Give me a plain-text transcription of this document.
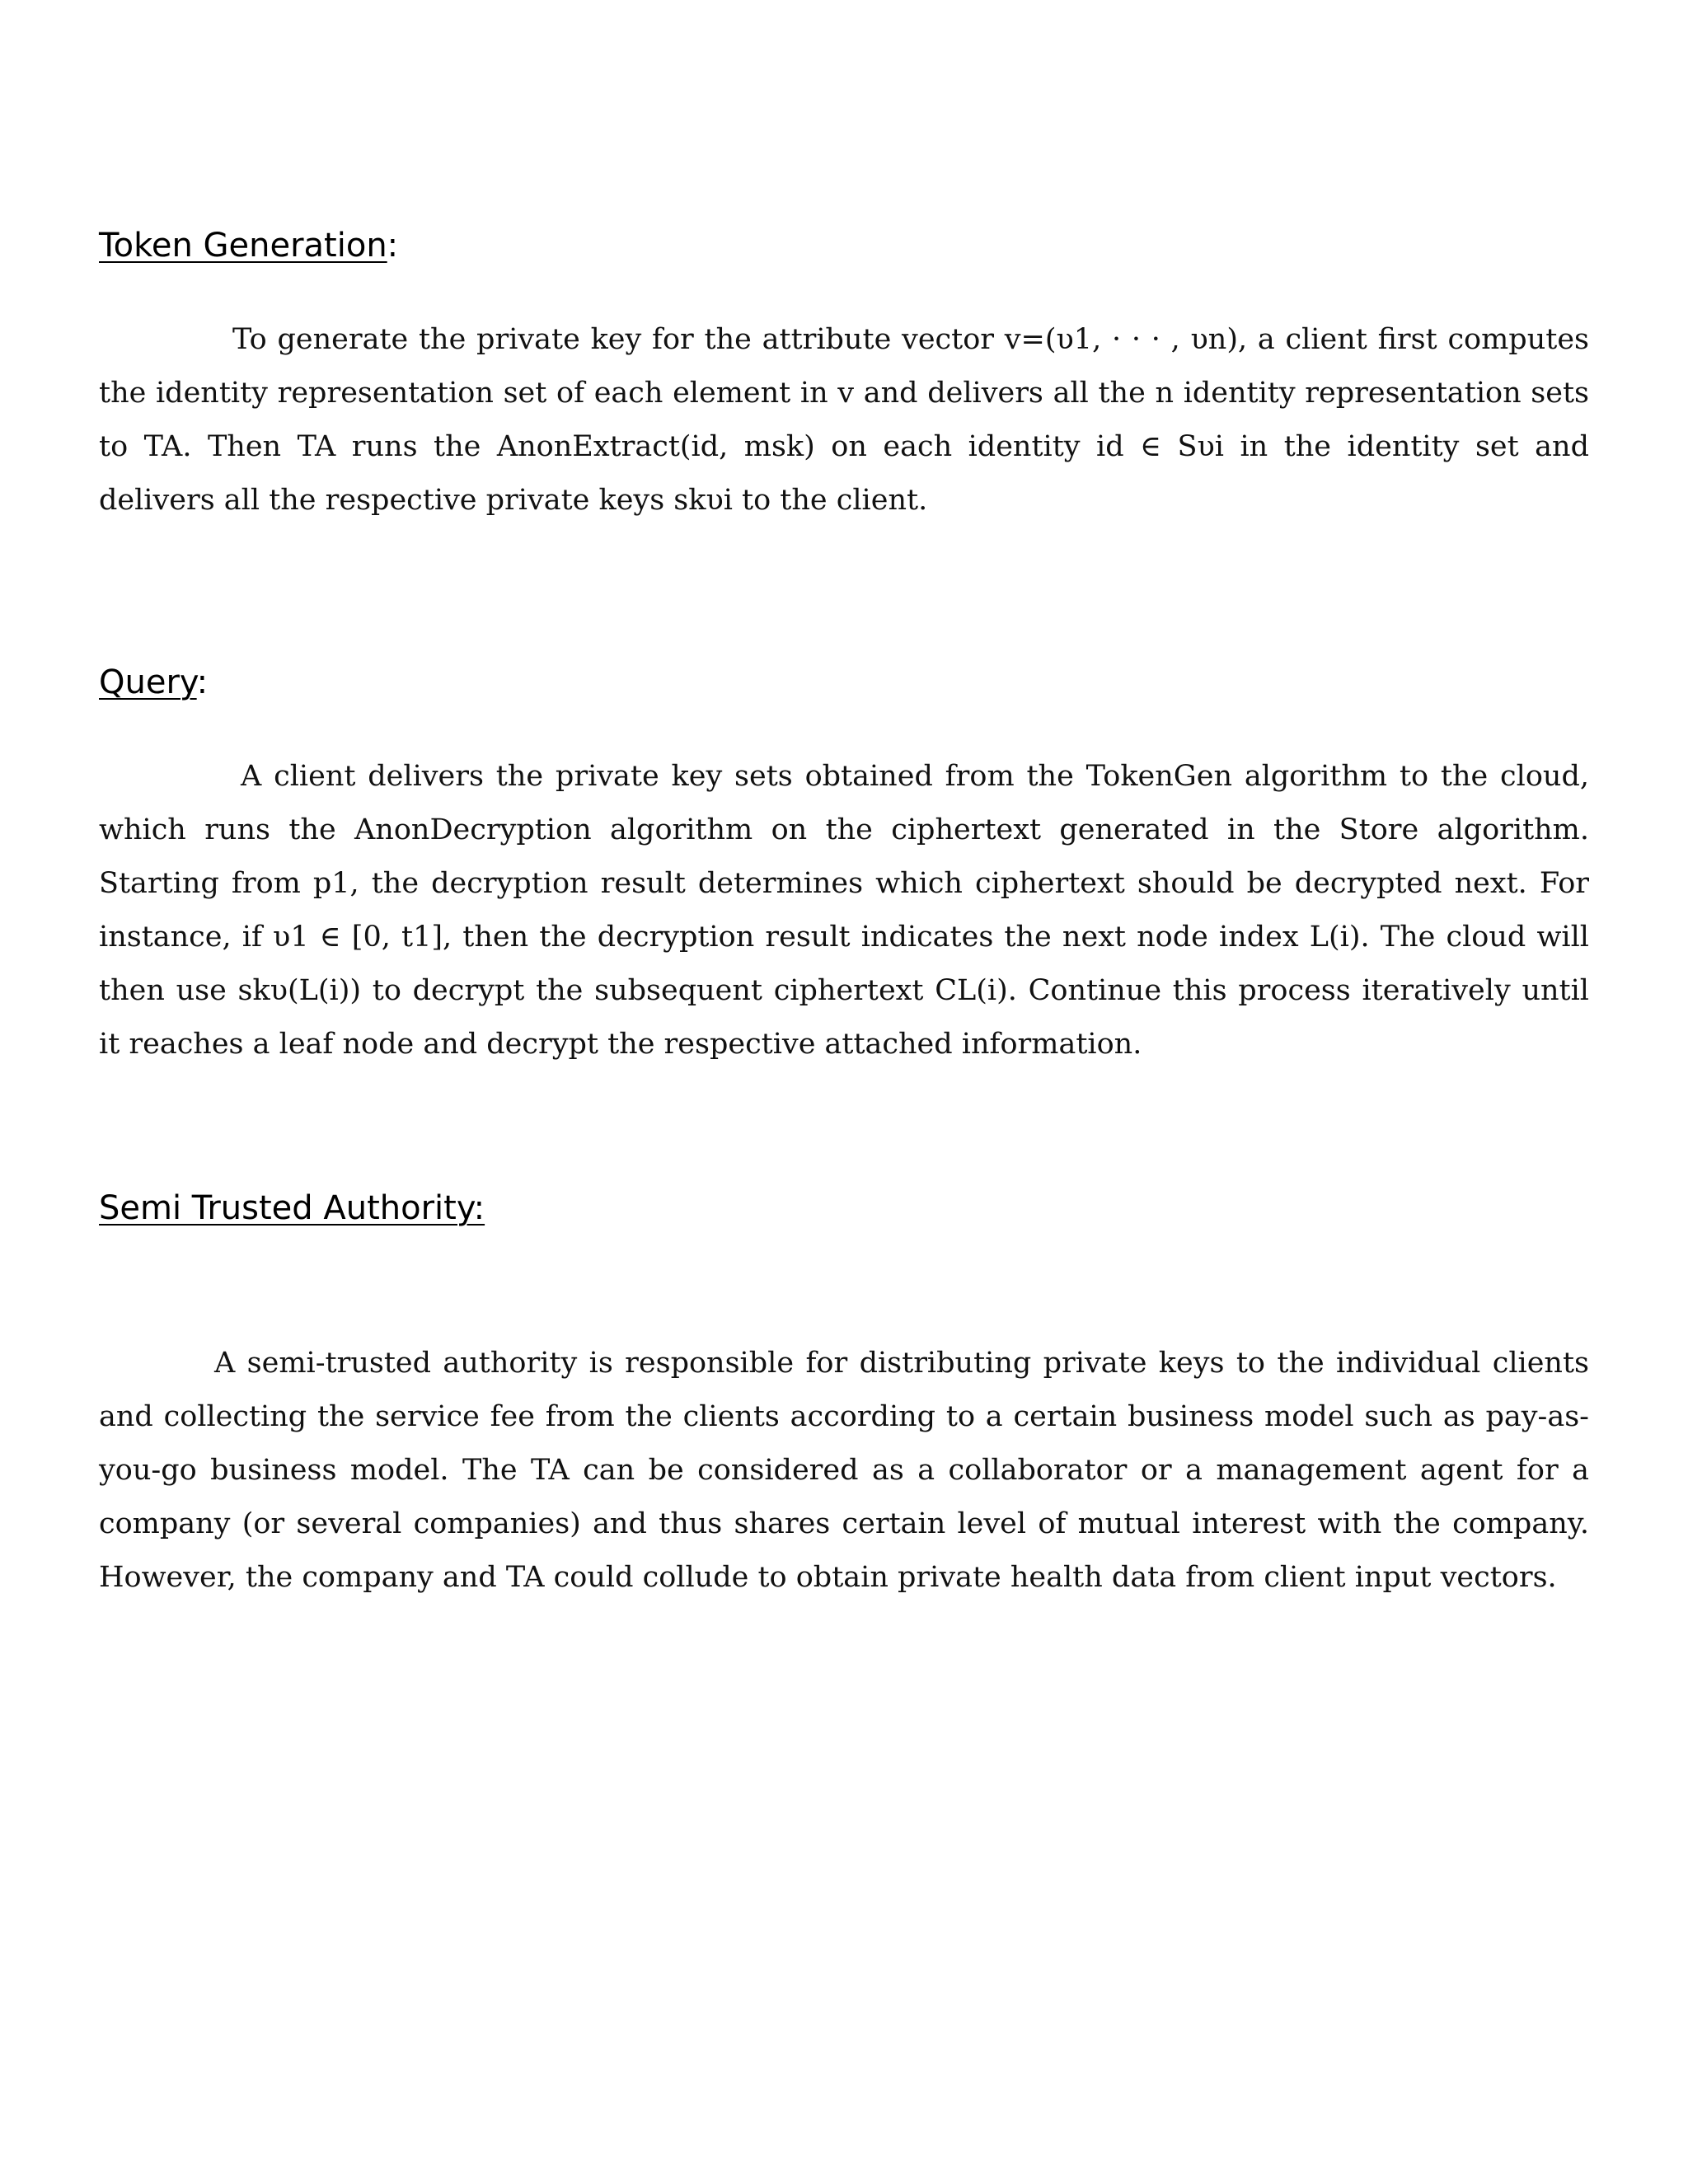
Token Generation:
To generate the private key for the attribute vector v=(υ1, · · · , υn), a client first computes
the identity representation set of each element in v and delivers all the n identity representation sets
to TA. Then TA runs the AnonExtract(id, msk) on each identity id ∈ Sυi in the identity set and
delivers all the respective private keys skυi to the client.
Query:
A client delivers the private key sets obtained from the TokenGen algorithm to the cloud,
which runs the AnonDecryption algorithm on the ciphertext generated in the Store algorithm.
Starting from p1, the decryption result determines which ciphertext should be decrypted next. For
instance, if υ1 ∈ [0, t1], then the decryption result indicates the next node index L(i). The cloud will
then use skυ(L(i)) to decrypt the subsequent ciphertext CL(i). Continue this process iteratively until
it reaches a leaf node and decrypt the respective attached information.
Semi Trusted Authority:
A semi-trusted authority is responsible for distributing private keys to the individual clients
and collecting the service fee from the clients according to a certain business model such as pay-as-
you-go business model. The TA can be considered as a collaborator or a management agent for a
company (or several companies) and thus shares certain level of mutual interest with the company.
However, the company and TA could collude to obtain private health data from client input vectors.
